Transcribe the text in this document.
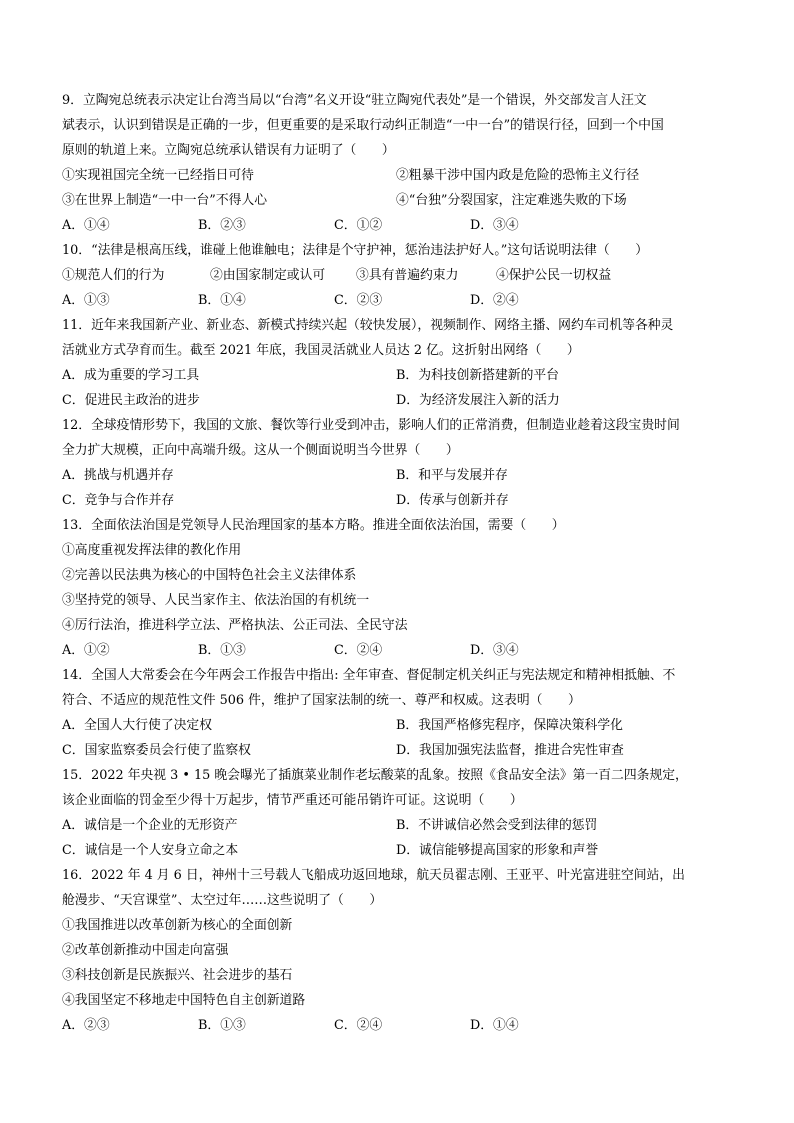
9．立陶宛总统表示决定让台湾当局以“台湾”名义开设“驻立陶宛代表处”是一个错误，外交部发言人汪文
斌表示，认识到错误是正确的一步，但更重要的是采取行动纠正制造“一中一台”的错误行径，回到一个中国
原则的轨道上来。立陶宛总统承认错误有力证明了（　　）
①实现祖国完全统一已经指日可待	②粗暴干涉中国内政是危险的恐怖主义行径
③在世界上制造“一中一台”不得人心	④“台独”分裂国家，注定难逃失败的下场
A．①④	B．②③	C．①②	D．③④
10．“法律是根高压线，谁碰上他谁触电；法律是个守护神，惩治违法护好人。”这句话说明法律（　　）
①规范人们的行为	②由国家制定或认可	③具有普遍约束力	④保护公民一切权益
A．①③	B．①④	C．②③	D．②④
11．近年来我国新产业、新业态、新模式持续兴起（较快发展），视频制作、网络主播、网约车司机等各种灵
活就业方式孕育而生。截至 2021 年底，我国灵活就业人员达 2 亿。这折射出网络（　　）
A．成为重要的学习工具	B．为科技创新搭建新的平台
C．促进民主政治的进步	D．为经济发展注入新的活力
12．全球疫情形势下，我国的文旅、餐饮等行业受到冲击，影响人们的正常消费，但制造业趁着这段宝贵时间
全力扩大规模，正向中高端升级。这从一个侧面说明当今世界（　　）
A．挑战与机遇并存	B．和平与发展并存
C．竞争与合作并存	D．传承与创新并存
13．全面依法治国是党领导人民治理国家的基本方略。推进全面依法治国，需要（　　）
①高度重视发挥法律的教化作用
②完善以民法典为核心的中国特色社会主义法律体系
③坚持党的领导、人民当家作主、依法治国的有机统一
④厉行法治，推进科学立法、严格执法、公正司法、全民守法
A．①②	B．①③	C．②④	D．③④
14．全国人大常委会在今年两会工作报告中指出: 全年审查、督促制定机关纠正与宪法规定和精神相抵触、不
符合、不适应的规范性文件 506 件，维护了国家法制的统一、尊严和权威。这表明（　　）
A．全国人大行使了决定权	B．我国严格修宪程序，保障决策科学化
C．国家监察委员会行使了监察权	D．我国加强宪法监督，推进合宪性审查
15．2022 年央视 3 • 15 晚会曝光了插旗菜业制作老坛酸菜的乱象。按照《食品安全法》第一百二四条规定，
该企业面临的罚金至少得十万起步，情节严重还可能吊销许可证。这说明（　　）
A．诚信是一个企业的无形资产	B．不讲诚信必然会受到法律的惩罚
C．诚信是一个人安身立命之本	D．诚信能够提高国家的形象和声誉
16．2022 年 4 月 6 日，神州十三号载人飞船成功返回地球，航天员翟志刚、王亚平、叶光富进驻空间站，出
舱漫步、“天宫课堂”、太空过年……这些说明了（　　）
①我国推进以改革创新为核心的全面创新
②改革创新推动中国走向富强
③科技创新是民族振兴、社会进步的基石
④我国坚定不移地走中国特色自主创新道路
A．②③	B．①③	C．②④	D．①④
